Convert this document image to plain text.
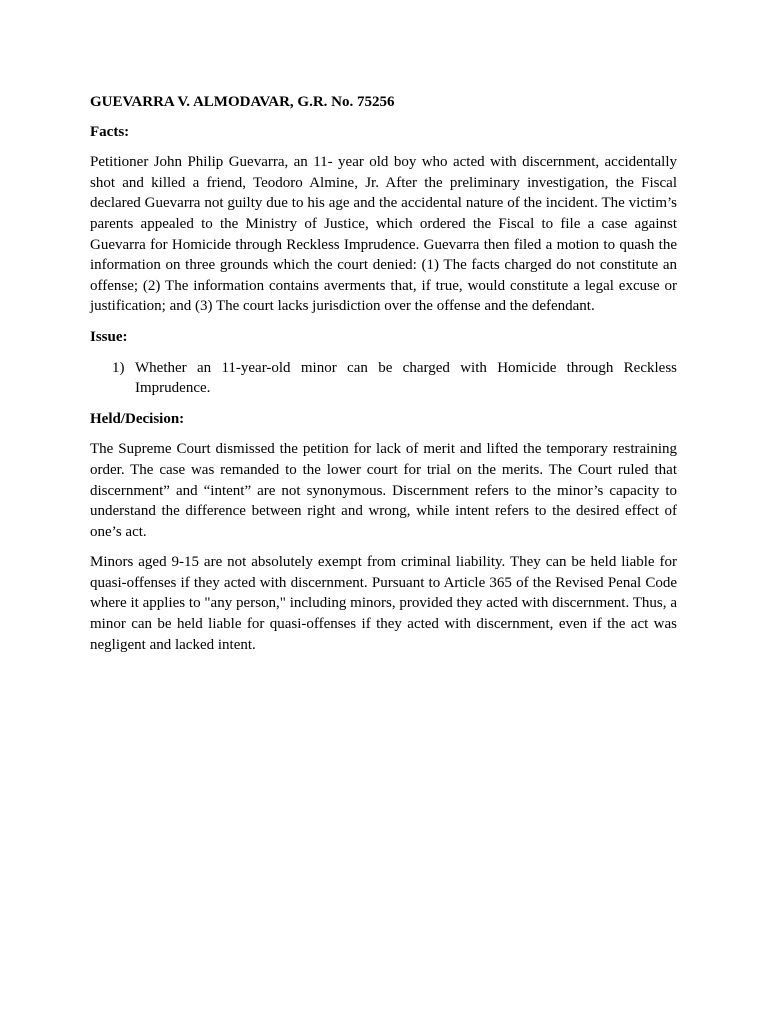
GUEVARRA V. ALMODAVAR, G.R. No. 75256
Facts:

Petitioner John Philip Guevarra, an 11- year old boy who acted with discernment, accidentally shot and killed a friend, Teodoro Almine, Jr. After the preliminary investigation, the Fiscal declared Guevarra not guilty due to his age and the accidental nature of the incident. The victim’s parents appealed to the Ministry of Justice, which ordered the Fiscal to file a case against Guevarra for Homicide through Reckless Imprudence. Guevarra then filed a motion to quash the information on three grounds which the court denied: (1) The facts charged do not constitute an offense; (2) The information contains averments that, if true, would constitute a legal excuse or justification; and (3) The court lacks jurisdiction over the offense and the defendant.

Issue:
1) Whether an 11-year-old minor can be charged with Homicide through Reckless Imprudence.
Held/Decision:

The Supreme Court dismissed the petition for lack of merit and lifted the temporary restraining order. The case was remanded to the lower court for trial on the merits. The Court ruled that discernment” and “intent” are not synonymous. Discernment refers to the minor’s capacity to understand the difference between right and wrong, while intent refers to the desired effect of one’s act.

Minors aged 9-15 are not absolutely exempt from criminal liability. They can be held liable for quasi-offenses if they acted with discernment. Pursuant to Article 365 of the Revised Penal Code where it applies to "any person," including minors, provided they acted with discernment. Thus, a minor can be held liable for quasi-offenses if they acted with discernment, even if the act was negligent and lacked intent.
